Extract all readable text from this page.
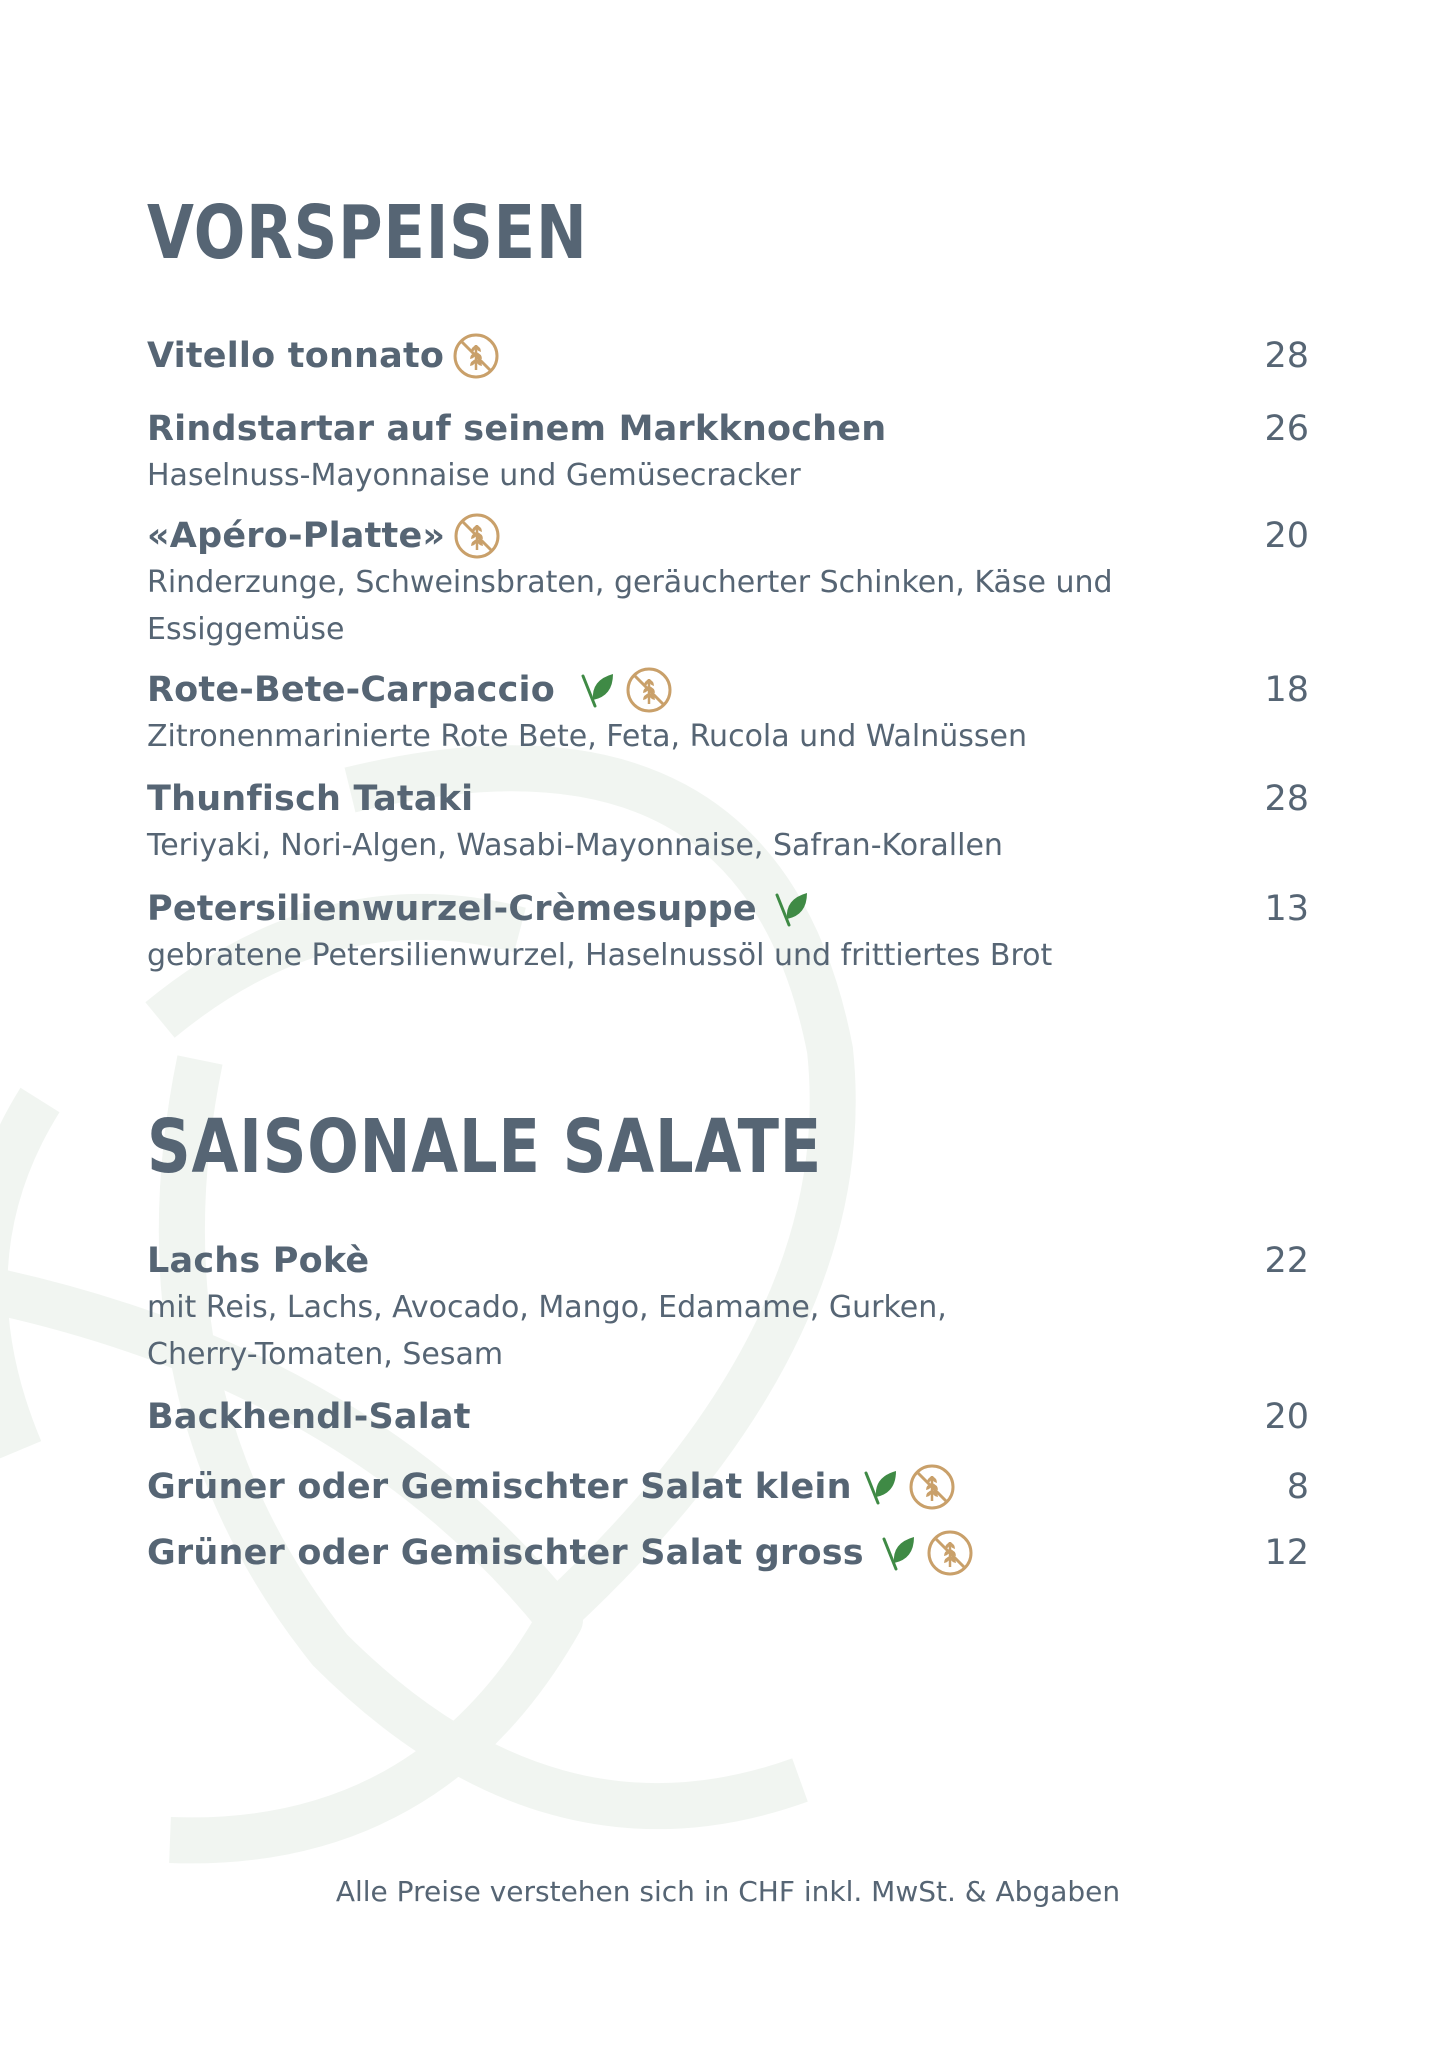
VORSPEISEN
Vitello tonnato	28
Rindstartar auf seinem Markknochen	26
Haselnuss-Mayonnaise und Gemüsecracker
«Apéro-Platte»	20
Rinderzunge, Schweinsbraten, geräucherter Schinken, Käse und
Essiggemüse
Rote-Bete-Carpaccio	18
Zitronenmarinierte Rote Bete, Feta, Rucola und Walnüssen
Thunfisch Tataki	28
Teriyaki, Nori-Algen, Wasabi-Mayonnaise, Safran-Korallen
Petersilienwurzel-Crèmesuppe	13
gebratene Petersilienwurzel, Haselnussöl und frittiertes Brot
SAISONALE SALATE
Lachs Pokè	22
mit Reis, Lachs, Avocado, Mango, Edamame, Gurken,
Cherry-Tomaten, Sesam
Backhendl-Salat	20
Grüner oder Gemischter Salat klein	8
Grüner oder Gemischter Salat gross	12
Alle Preise verstehen sich in CHF inkl. MwSt. & Abgaben
